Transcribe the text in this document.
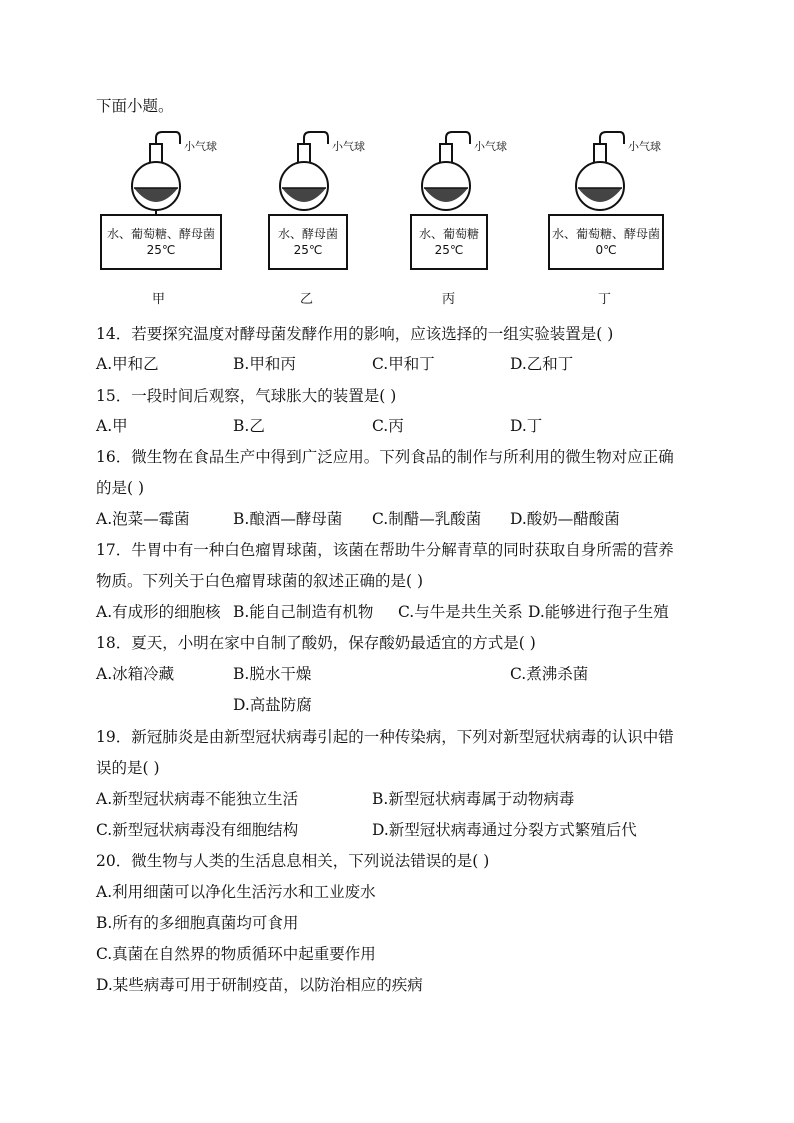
下面小题。
小气球
水、葡萄糖、酵母菌
25℃
甲
小气球
水、酵母菌
25℃
乙
小气球
水、葡萄糖
25℃
丙
小气球
水、葡萄糖、酵母菌
0℃
丁
14．若要探究温度对酵母菌发酵作用的影响，应该选择的一组实验装置是( )
A.甲和乙	B.甲和丙	C.甲和丁	D.乙和丁
15．一段时间后观察，气球胀大的装置是( )
A.甲	B.乙	C.丙	D.丁
16．微生物在食品生产中得到广泛应用。下列食品的制作与所利用的微生物对应正确
的是( )
A.泡菜—霉菌	B.酿酒—酵母菌 C.制醋—乳酸菌 D.酸奶—醋酸菌
17．牛胃中有一种白色瘤胃球菌，该菌在帮助牛分解青草的同时获取自身所需的营养
物质。下列关于白色瘤胃球菌的叙述正确的是( )
A.有成形的细胞核 B.能自己制造有机物 C.与牛是共生关系 D.能够进行孢子生殖
18．夏天，小明在家中自制了酸奶，保存酸奶最适宜的方式是( )
A.冰箱冷藏	B.脱水干燥	C.煮沸杀菌
D.高盐防腐
19．新冠肺炎是由新型冠状病毒引起的一种传染病，下列对新型冠状病毒的认识中错
误的是( )
A.新型冠状病毒不能独立生活	B.新型冠状病毒属于动物病毒
C.新型冠状病毒没有细胞结构	D.新型冠状病毒通过分裂方式繁殖后代
20．微生物与人类的生活息息相关，下列说法错误的是( )
A.利用细菌可以净化生活污水和工业废水
B.所有的多细胞真菌均可食用
C.真菌在自然界的物质循环中起重要作用
D.某些病毒可用于研制疫苗，以防治相应的疾病
